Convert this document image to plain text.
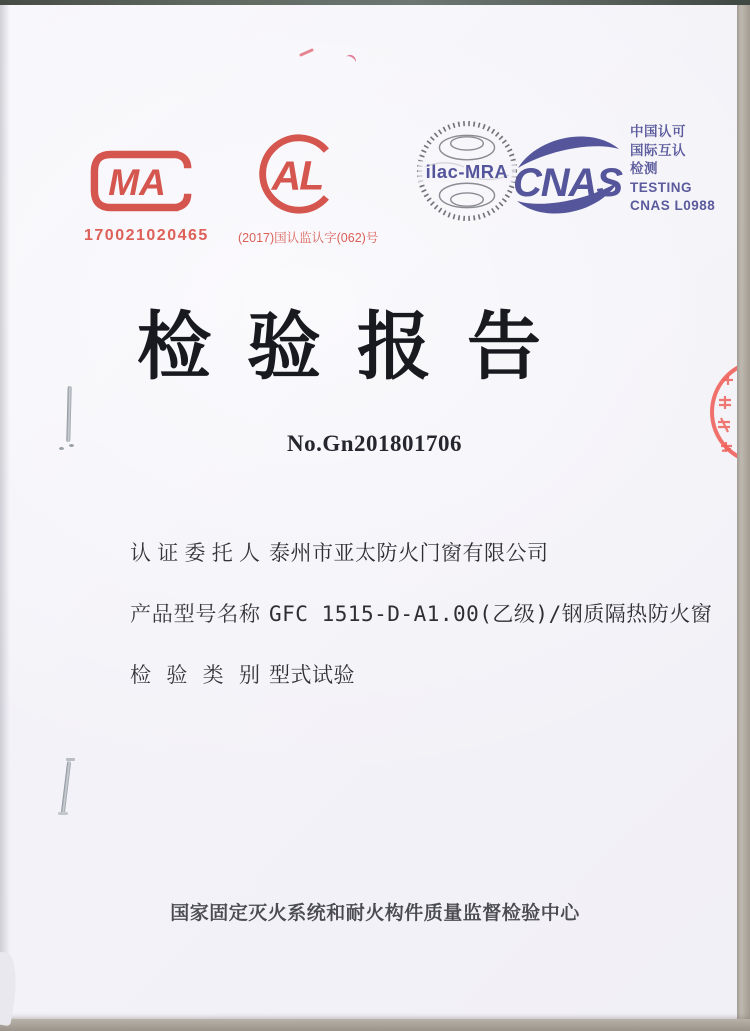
MA
170021020465
AL
(2017)国认监认字(062)号
ilac-MRA CNAS
中国认可
国际互认
检测
TESTING
CNAS L0988
检验报告
No.Gn201801706
认证委托人 泰州市亚太防火门窗有限公司
产品型号名称 GFC 1515-D-A1.00(乙级)/钢质隔热防火窗
检验类别 型式试验
国家固定灭火系统和耐火构件质量监督检验中心
